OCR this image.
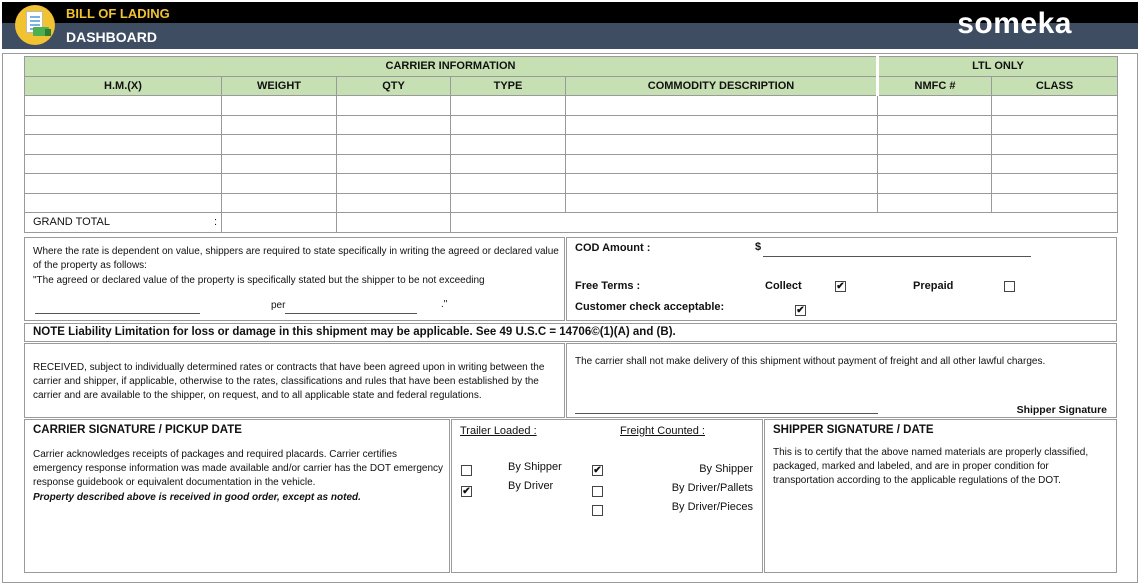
BILL OF LADING
DASHBOARD	someka
CARRIER INFORMATION					LTL ONLY	
H.M.(X)	WEIGHT	QTY	TYPE	COMMODITY DESCRIPTION	NMFC #	CLASS

GRAND TOTAL :						

Where the rate is dependent on value, shippers are required to state specifically in writing the agreed or declared value of the property as follows:
"The agreed or declared value of the property is specifically stated but the shipper to be not exceeding
per	."
COD Amount :	$
Free Terms :	Collect	✔	Prepaid
Customer check acceptable:	✔
NOTE Liability Limitation for loss or damage in this shipment may be applicable. See 49 U.S.C = 14706©(1)(A) and (B).
RECEIVED, subject to individually determined rates or contracts that have been agreed upon in writing between the carrier and shipper, if applicable, otherwise to the rates, classifications and rules that have been established by the carrier and are available to the shipper, on request, and to all applicable state and federal regulations.
The carrier shall not make delivery of this shipment without payment of freight and all other lawful charges.
Shipper Signature
CARRIER SIGNATURE / PICKUP DATE
Carrier acknowledges receipts of packages and required placards. Carrier certifies emergency response information was made available and/or carrier has the DOT emergency response guidebook or equivalent documentation in the vehicle.
Property described above is received in good order, except as noted.
Trailer Loaded :	Freight Counted :
By Shipper
✔	By Driver
✔	By Shipper
By Driver/Pallets
By Driver/Pieces
SHIPPER SIGNATURE / DATE
This is to certify that the above named materials are properly classified, packaged, marked and labeled, and are in proper condition for transportation according to the applicable regulations of the DOT.
